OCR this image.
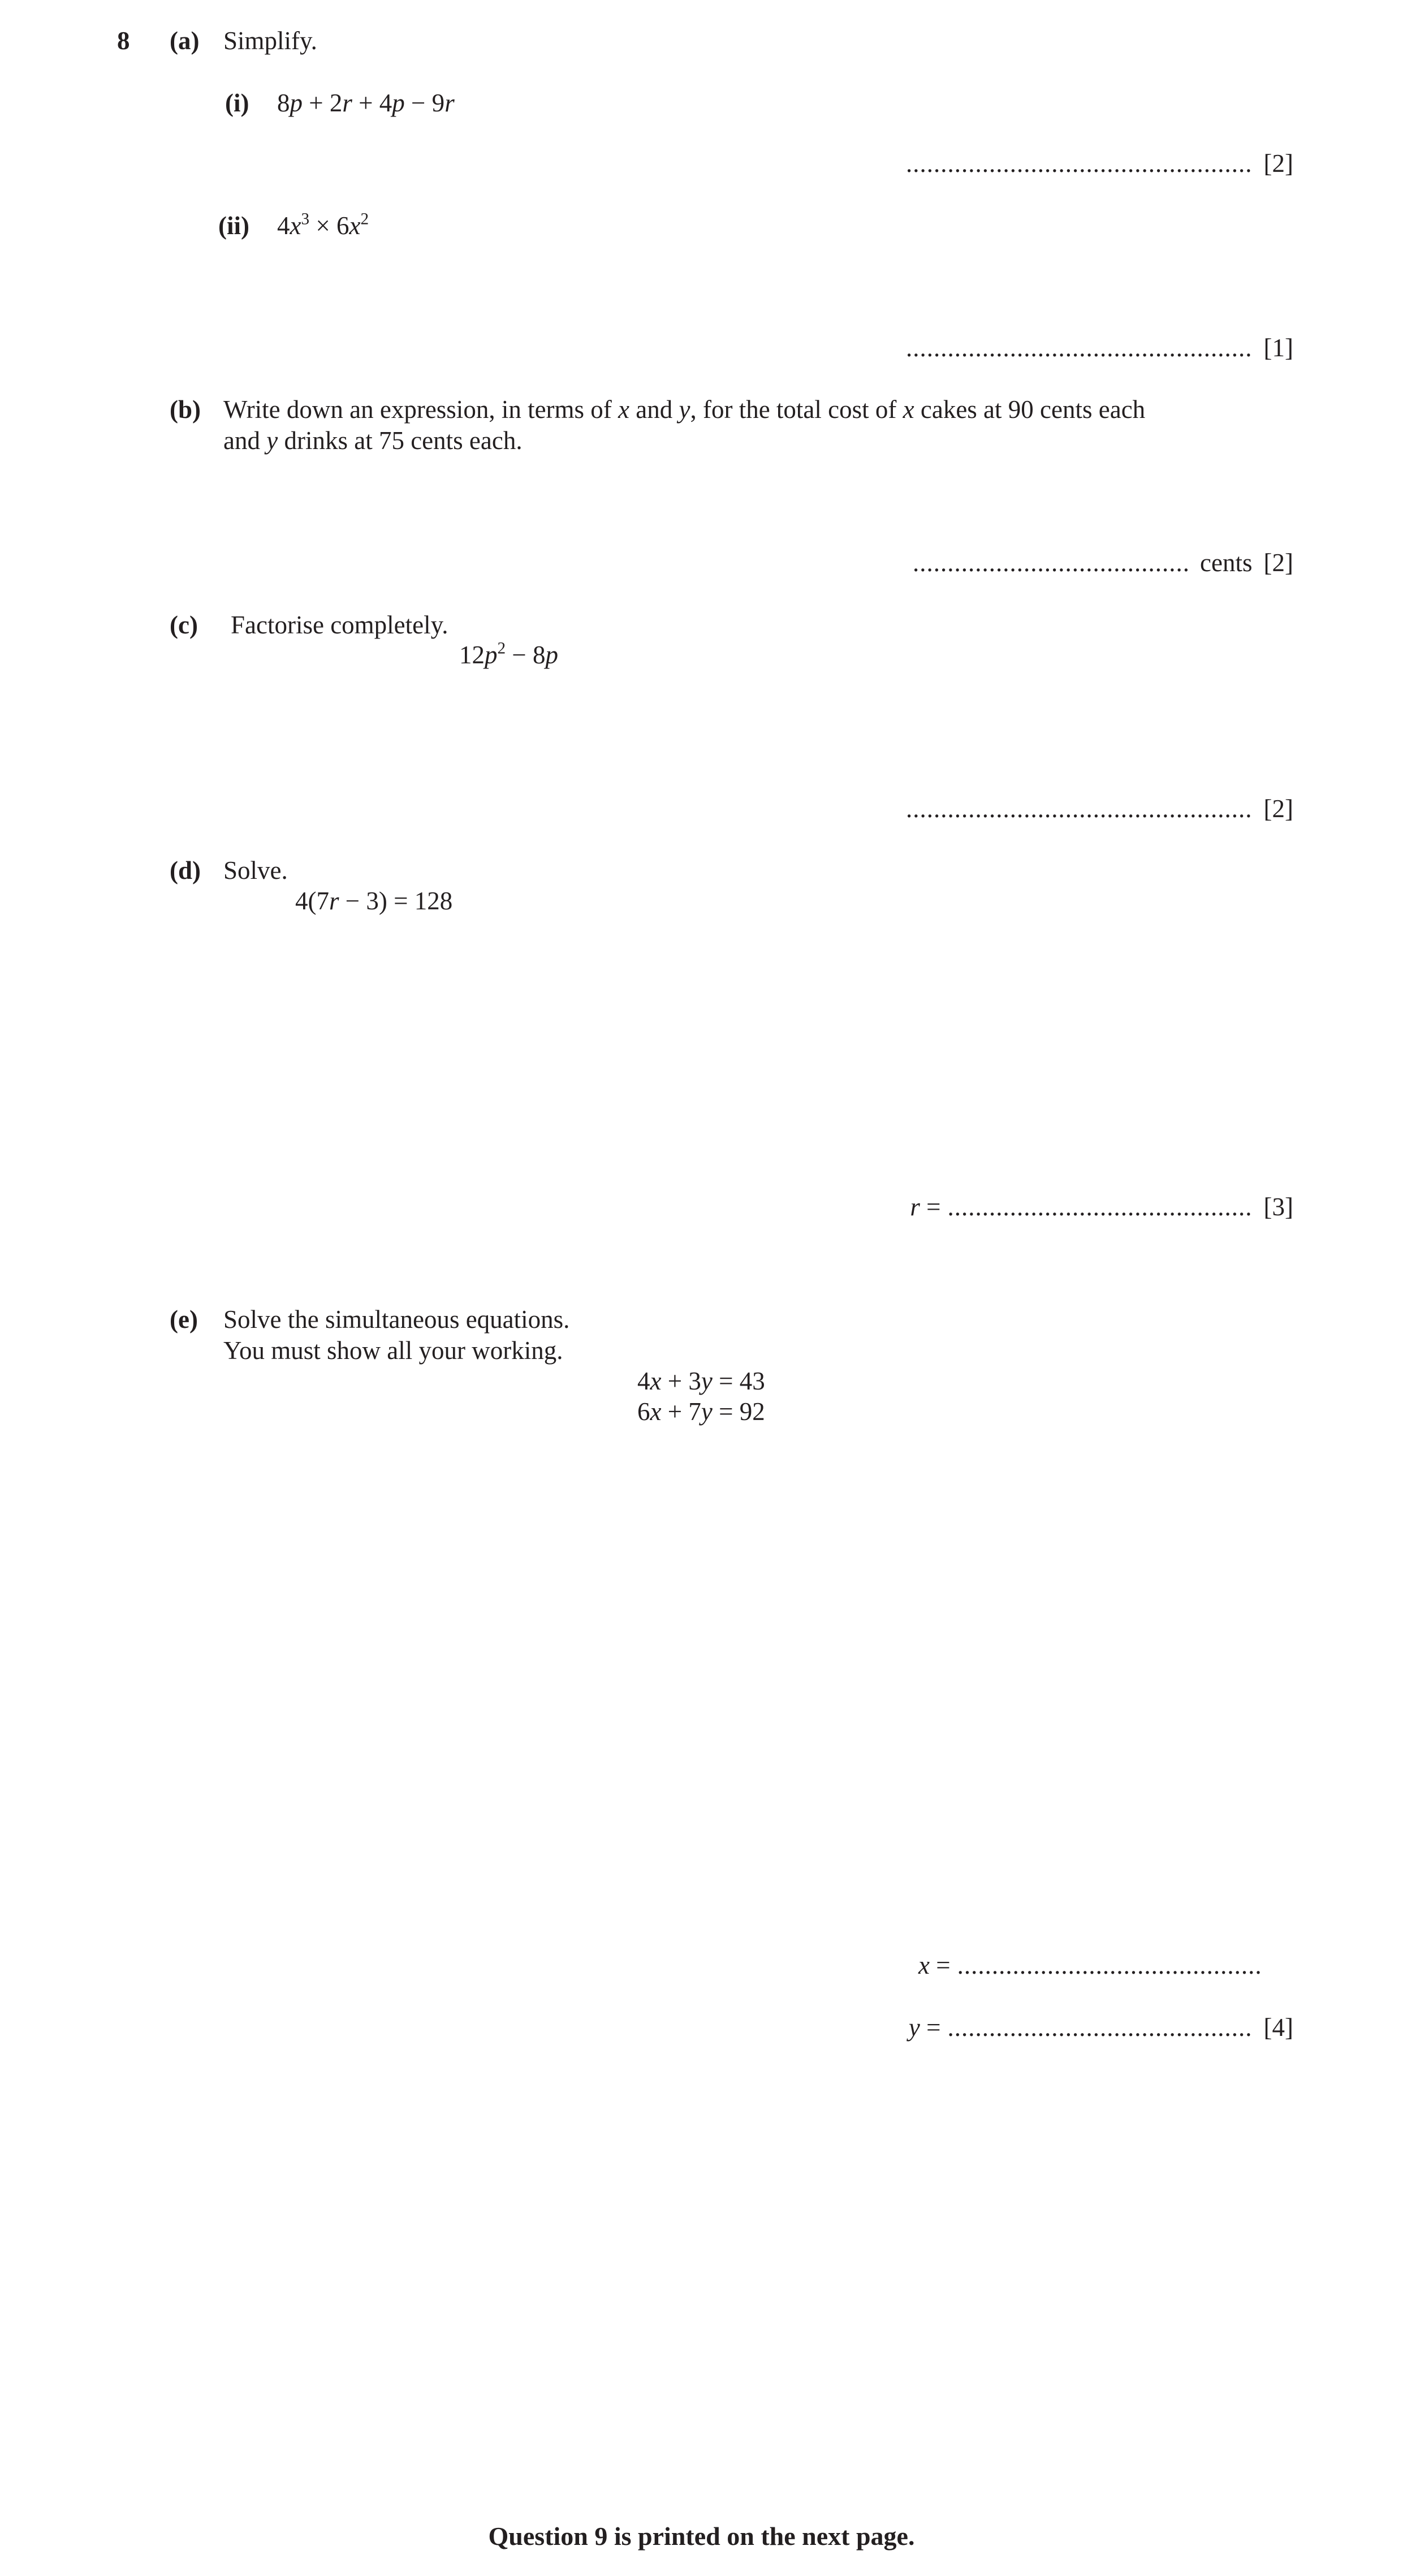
8 (a) Simplify.
(i) 8p + 2r + 4p − 9r
.................................................. [2]
(ii) $4x^3 \times 6x^2$
.................................................. [1]
(b) Write down an expression, in terms of x and y, for the total cost of x cakes at 90 cents each
and y drinks at 75 cents each.
........................................ cents [2]
(c) Factorise completely.
$12p^2 - 8p$
.................................................. [2]
(d) Solve.
4(7r − 3) = 128
r = ............................................ [3]
(e) Solve the simultaneous equations.
You must show all your working.
4x + 3y = 43
6x + 7y = 92
x = ............................................
y = ............................................ [4]
Question 9 is printed on the next page.
